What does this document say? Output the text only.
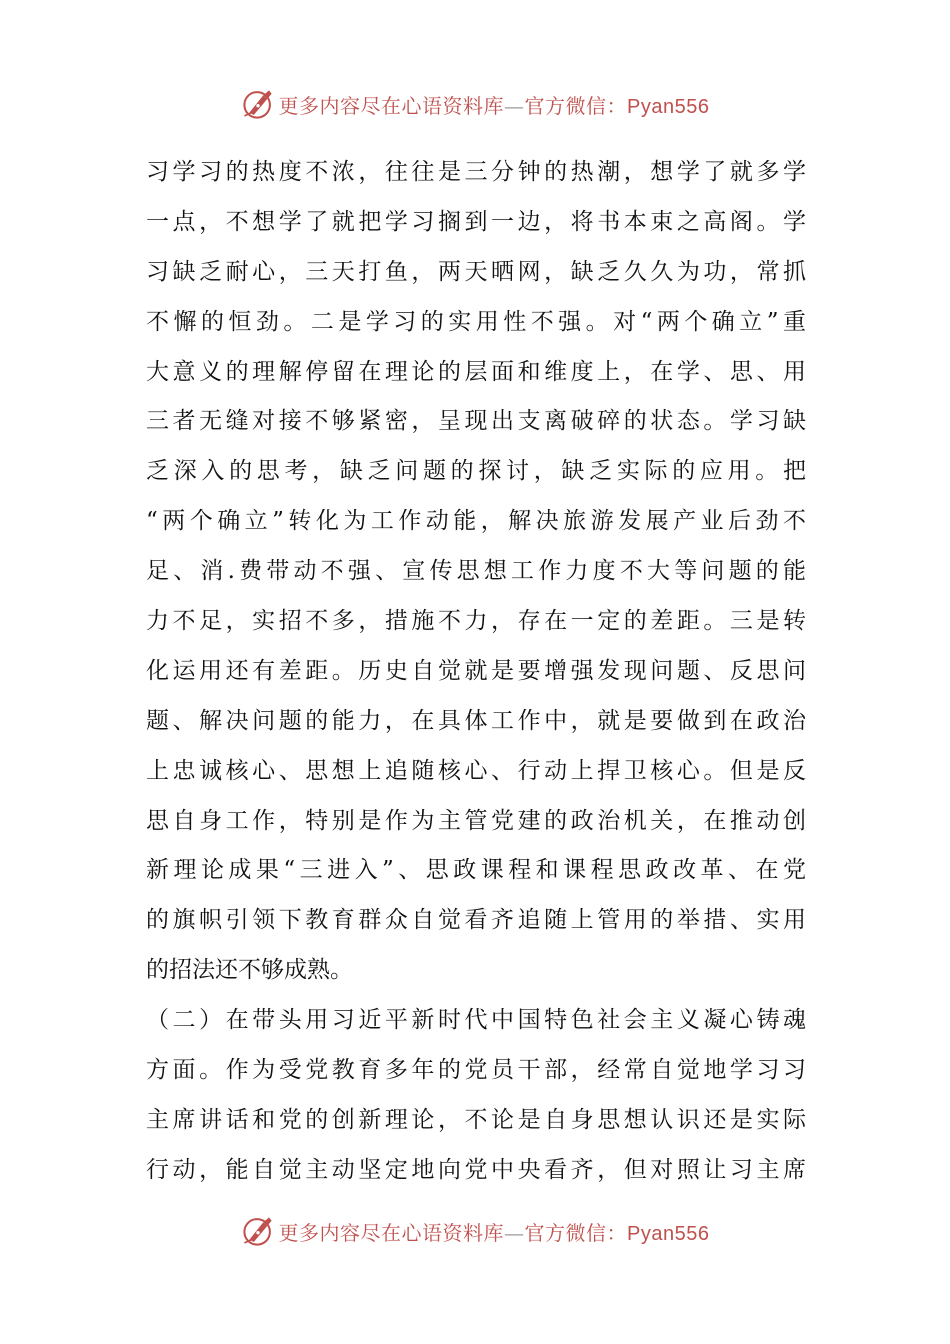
更多内容尽在心语资料库—官方微信：Pyan556
习学习的热度不浓，往往是三分钟的热潮，想学了就多学
一点，不想学了就把学习搁到一边，将书本束之高阁。学
习缺乏耐心，三天打鱼，两天晒网，缺乏久久为功，常抓
不懈的恒劲。二是学习的实用性不强。对“两个确立”重
大意义的理解停留在理论的层面和维度上，在学、思、用
三者无缝对接不够紧密，呈现出支离破碎的状态。学习缺
乏深入的思考，缺乏问题的探讨，缺乏实际的应用。把
“两个确立”转化为工作动能，解决旅游发展产业后劲不
足、消.费带动不强、宣传思想工作力度不大等问题的能
力不足，实招不多，措施不力，存在一定的差距。三是转
化运用还有差距。历史自觉就是要增强发现问题、反思问
题、解决问题的能力，在具体工作中，就是要做到在政治
上忠诚核心、思想上追随核心、行动上捍卫核心。但是反
思自身工作，特别是作为主管党建的政治机关，在推动创
新理论成果“三进入”、思政课程和课程思政改革、在党
的旗帜引领下教育群众自觉看齐追随上管用的举措、实用
的招法还不够成熟。
（二）在带头用习近平新时代中国特色社会主义凝心铸魂
方面。作为受党教育多年的党员干部，经常自觉地学习习
主席讲话和党的创新理论，不论是自身思想认识还是实际
行动，能自觉主动坚定地向党中央看齐，但对照让习主席
更多内容尽在心语资料库—官方微信：Pyan556
